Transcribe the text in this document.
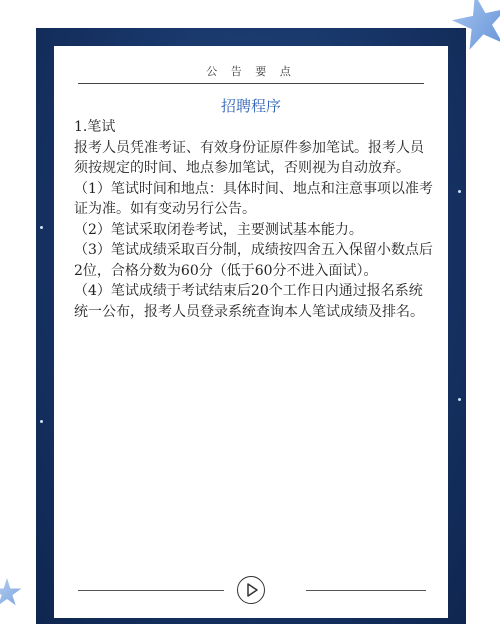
公 告 要 点
招聘程序

1.笔试

报考人员凭准考证、有效身份证原件参加笔试。报考人员须按规定的时间、地点参加笔试，否则视为自动放弃。

（1）笔试时间和地点：具体时间、地点和注意事项以准考证为准。如有变动另行公告。

（2）笔试采取闭卷考试，主要测试基本能力。

（3）笔试成绩采取百分制，成绩按四舍五入保留小数点后2位，合格分数为60分（低于60分不进入面试）。

（4）笔试成绩于考试结束后20个工作日内通过报名系统统一公布，报考人员登录系统查询本人笔试成绩及排名。
